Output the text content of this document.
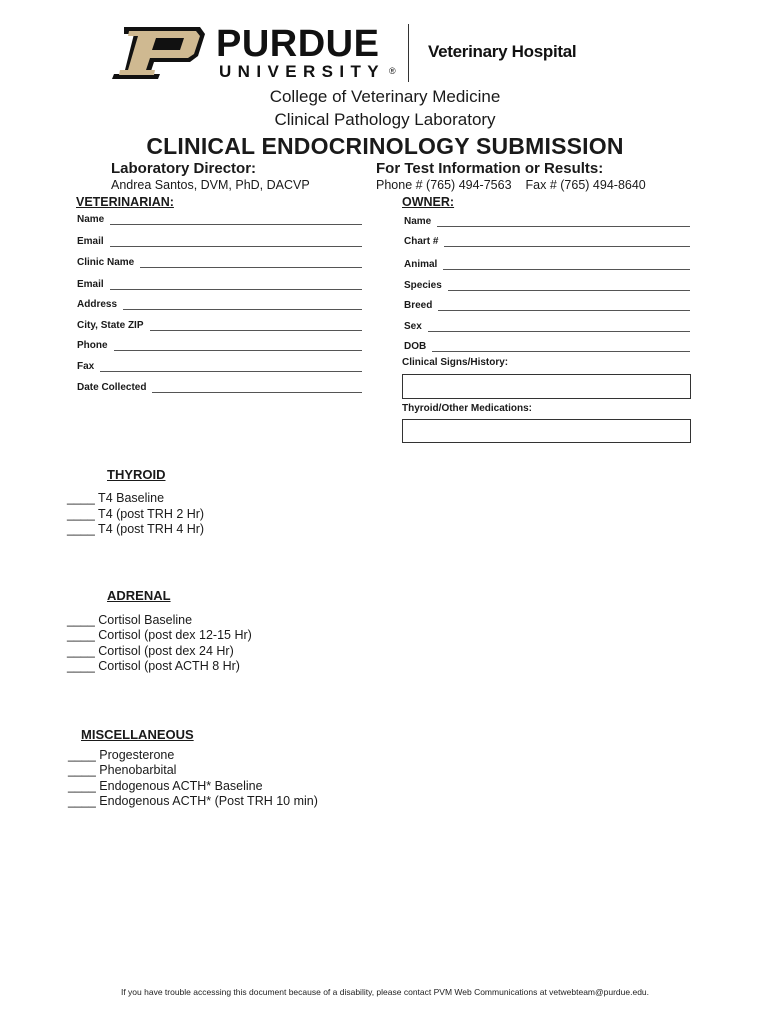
PURDUE
UNIVERSITY ®
Veterinary Hospital
College of Veterinary Medicine
Clinical Pathology Laboratory
CLINICAL ENDOCRINOLOGY SUBMISSION
Laboratory Director:
Andrea Santos, DVM, PhD, DACVP
For Test Information or Results:
Phone # (765) 494-7563 Fax # (765) 494-8640
VETERINARIAN:
Name
Email
Clinic Name
Email
Address
City, State ZIP
Phone
Fax
Date Collected
OWNER:
Name
Chart #
Animal
Species
Breed
Sex
DOB
Clinical Signs/History:
Thyroid/Other Medications:
THYROID
____ T4 Baseline
____ T4 (post TRH 2 Hr)
____ T4 (post TRH 4 Hr)
ADRENAL
____ Cortisol Baseline
____ Cortisol (post dex 12-15 Hr)
____ Cortisol (post dex 24 Hr)
____ Cortisol (post ACTH 8 Hr)
MISCELLANEOUS
____ Progesterone
____ Phenobarbital
____ Endogenous ACTH* Baseline
____ Endogenous ACTH* (Post TRH 10 min)
If you have trouble accessing this document because of a disability, please contact PVM Web Communications at vetwebteam@purdue.edu.
